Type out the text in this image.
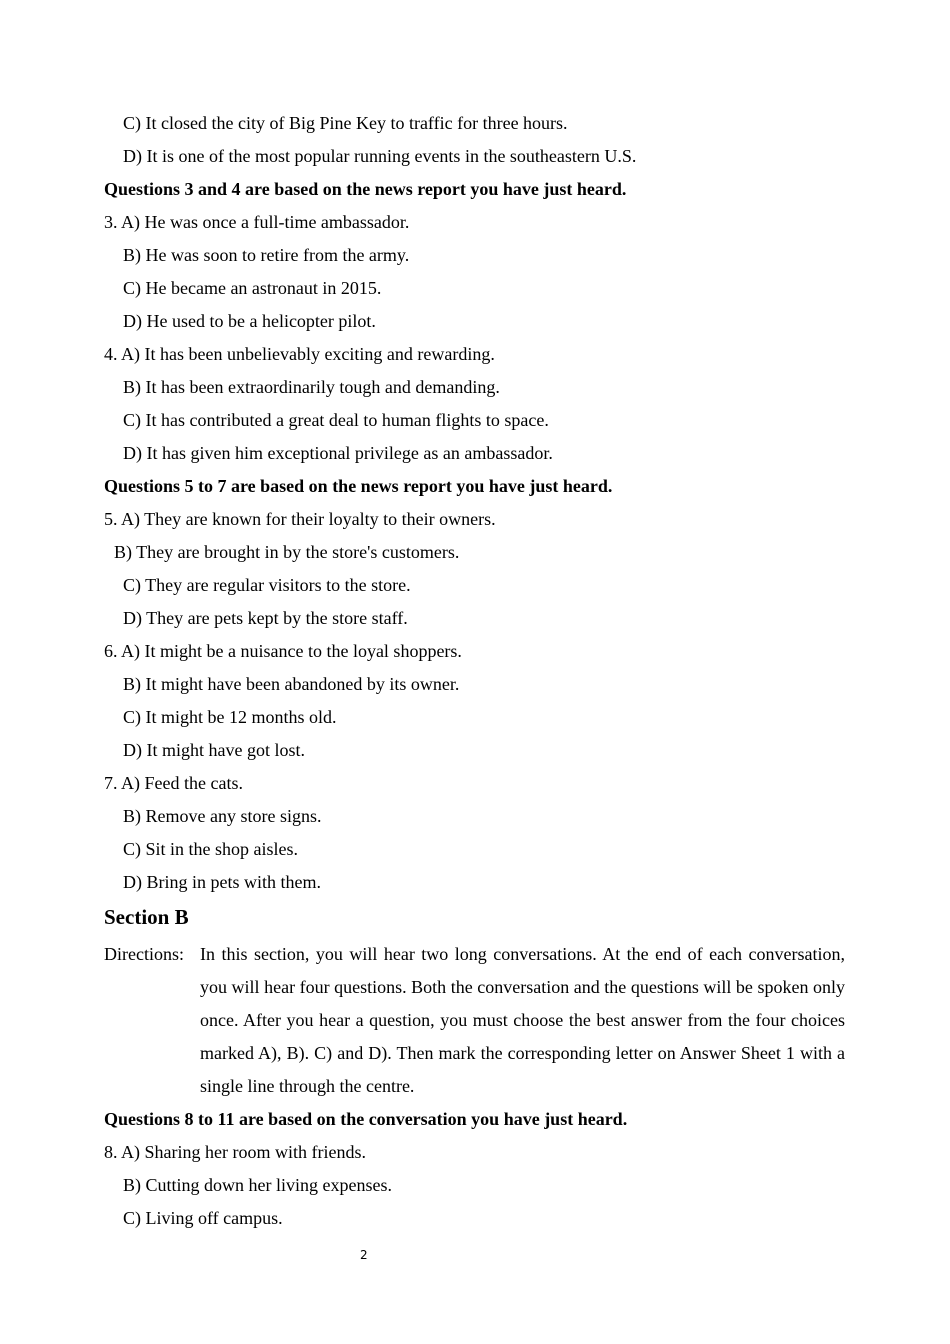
C) It closed the city of Big Pine Key to traffic for three hours.
D) It is one of the most popular running events in the southeastern U.S.
Questions 3 and 4 are based on the news report you have just heard.
3. A) He was once a full-time ambassador.
B) He was soon to retire from the army.
C) He became an astronaut in 2015.
D) He used to be a helicopter pilot.
4. A) It has been unbelievably exciting and rewarding.
B) It has been extraordinarily tough and demanding.
C) It has contributed a great deal to human flights to space.
D) It has given him exceptional privilege as an ambassador.
Questions 5 to 7 are based on the news report you have just heard.
5. A) They are known for their loyalty to their owners.
B) They are brought in by the store's customers.
C) They are regular visitors to the store.
D) They are pets kept by the store staff.
6. A) It might be a nuisance to the loyal shoppers.
B) It might have been abandoned by its owner.
C) It might be 12 months old.
D) It might have got lost.
7. A) Feed the cats.
B) Remove any store signs.
C) Sit in the shop aisles.
D) Bring in pets with them.
Section B
Directions: In this section, you will hear two long conversations. At the end of each conversation, you will hear four questions. Both the conversation and the questions will be spoken only once. After you hear a question, you must choose the best answer from the four choices marked A), B). C) and D). Then mark the corresponding letter on Answer Sheet 1 with a single line through the centre.
Questions 8 to 11 are based on the conversation you have just heard.
8. A) Sharing her room with friends.
B) Cutting down her living expenses.
C) Living off campus.
2
